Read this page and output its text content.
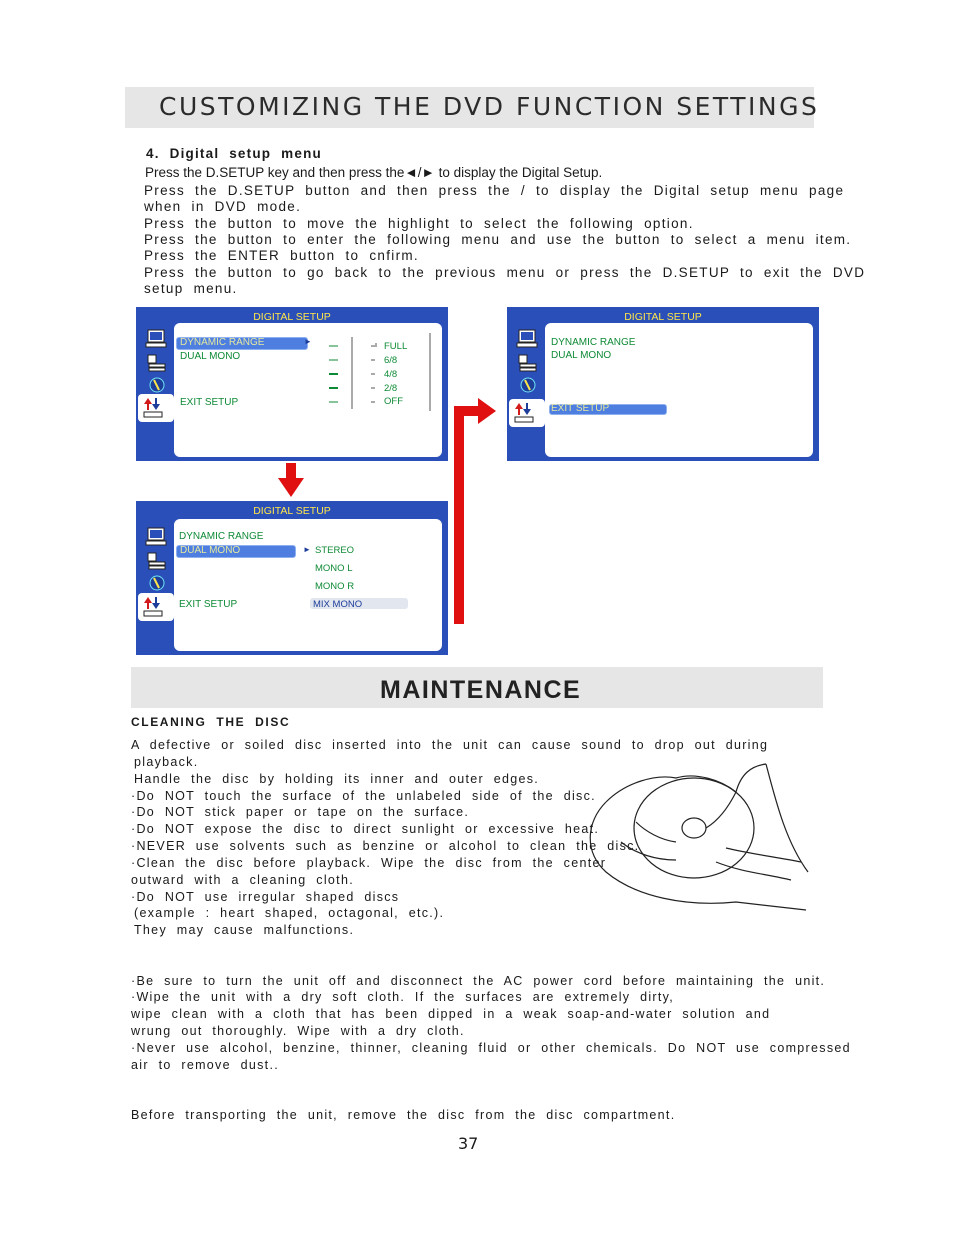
CUSTOMIZING THE DVD FUNCTION SETTINGS
4. Digital setup menu
Press the D.SETUP key and then press the◄/► to display the Digital Setup.
Press the D.SETUP button and then press the / to display the Digital setup menu page
when in DVD mode.
Press the button to move the highlight to select the following option.
Press the button to enter the following menu and use the button to select a menu item.
Press the ENTER button to cnfirm.
Press the button to go back to the previous menu or press the D.SETUP to exit the DVD
setup menu.
DIGITAL SETUP
DYNAMIC RANGE	►
DUAL MONO
EXIT SETUP
FULL
6/8
4/8
2/8
OFF
DIGITAL SETUP
DYNAMIC RANGE
DUAL MONO	►
EXIT SETUP
STEREO
MONO L
MONO R
MIX MONO
DIGITAL SETUP
DYNAMIC RANGE
DUAL MONO
EXIT SETUP
MAINTENANCE
CLEANING THE DISC
A defective or soiled disc inserted into the unit can cause sound to drop out during
playback.
Handle the disc by holding its inner and outer edges.
·Do NOT touch the surface of the unlabeled side of the disc.
·Do NOT stick paper or tape on the surface.
·Do NOT expose the disc to direct sunlight or excessive heat.
·NEVER use solvents such as benzine or alcohol to clean the disc.
·Clean the disc before playback. Wipe the disc from the center
outward with a cleaning cloth.
·Do NOT use irregular shaped discs
(example : heart shaped, octagonal, etc.).
They may cause malfunctions.
·Be sure to turn the unit off and disconnect the AC power cord before maintaining the unit.
·Wipe the unit with a dry soft cloth. If the surfaces are extremely dirty,
wipe clean with a cloth that has been dipped in a weak soap-and-water solution and
wrung out thoroughly. Wipe with a dry cloth.
·Never use alcohol, benzine, thinner, cleaning fluid or other chemicals. Do NOT use compressed
air to remove dust..
Before transporting the unit, remove the disc from the disc compartment.
37
